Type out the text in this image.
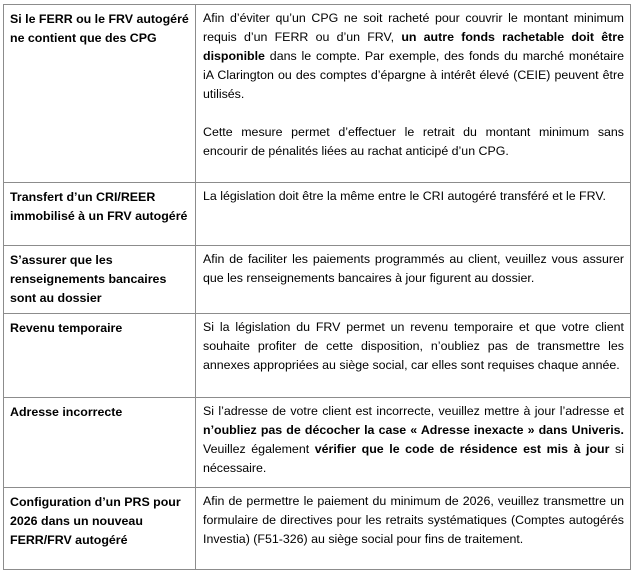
Si le FERR ou le FRV autogéré ne contient que des CPG	Afin d’éviter qu’un CPG ne soit racheté pour couvrir le montant minimum requis d’un FERR ou d’un FRV, un autre fonds rachetable doit être disponible dans le compte. Par exemple, des fonds du marché monétaire iA Clarington ou des comptes d’épargne à intérêt élevé (CEIE) peuvent être utilisés.

Cette mesure permet d’effectuer le retrait du montant minimum sans encourir de pénalités liées au rachat anticipé d’un CPG.

Transfert d’un CRI/REER immobilisé à un FRV autogéré	La législation doit être la même entre le CRI autogéré transféré et le FRV.
S’assurer que les renseignements bancaires sont au dossier	Afin de faciliter les paiements programmés au client, veuillez vous assurer que les renseignements bancaires à jour figurent au dossier.
Revenu temporaire	Si la législation du FRV permet un revenu temporaire et que votre client souhaite profiter de cette disposition, n’oubliez pas de transmettre les annexes appropriées au siège social, car elles sont requises chaque année.
Adresse incorrecte	Si l’adresse de votre client est incorrecte, veuillez mettre à jour l’adresse et n’oubliez pas de décocher la case « Adresse inexacte » dans Univeris. Veuillez également vérifier que le code de résidence est mis à jour si nécessaire.
Configuration d’un PRS pour 2026 dans un nouveau FERR/FRV autogéré	Afin de permettre le paiement du minimum de 2026, veuillez transmettre un formulaire de directives pour les retraits systématiques (Comptes autogérés Investia) (F51-326) au siège social pour fins de traitement.
